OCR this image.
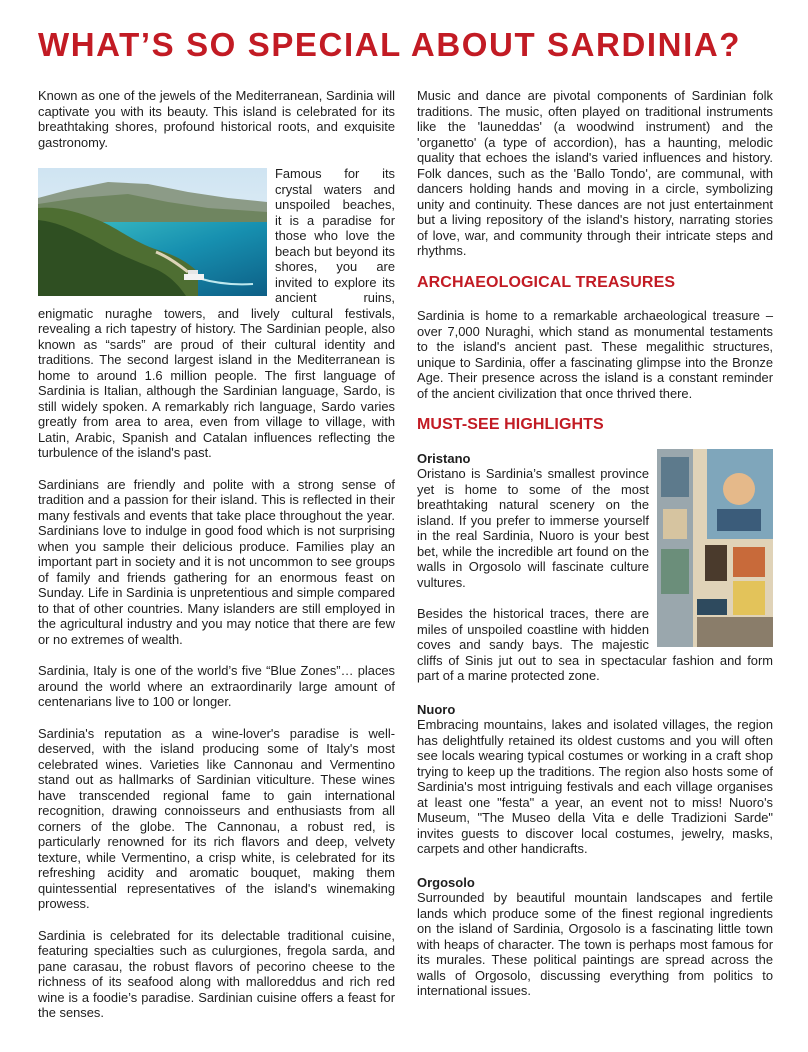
WHAT’S SO SPECIAL ABOUT SARDINIA?

Known as one of the jewels of the Mediterranean, Sardinia will captivate you with its beauty. This island is celebrated for its breathtaking shores, profound historical roots, and exquisite gastronomy.

Famous for its crystal waters and unspoiled beaches, it is a paradise for those who love the beach but beyond its shores, you are invited to explore its ancient ruins, enigmatic nuraghe towers, and lively cultural festivals, revealing a rich tapestry of history. The Sardinian people, also known as “sards” are proud of their cultural identity and traditions. The second largest island in the Mediterranean is home to around 1.6 million people. The first language of Sardinia is Italian, although the Sardinian language, Sardo, is still widely spoken. A remarkably rich language, Sardo varies greatly from area to area, even from village to village, with Latin, Arabic, Spanish and Catalan influences reflecting the turbulence of the island's past.

Sardinians are friendly and polite with a strong sense of tradition and a passion for their island. This is reflected in their many festivals and events that take place throughout the year. Sardinians love to indulge in good food which is not surprising when you sample their delicious produce. Families play an important part in society and it is not uncommon to see groups of family and friends gathering for an enormous feast on Sunday. Life in Sardinia is unpretentious and simple compared to that of other countries. Many islanders are still employed in the agricultural industry and you may notice that there are few or no extremes of wealth.

Sardinia, Italy is one of the world’s five “Blue Zones”… places around the world where an extraordinarily large amount of centenarians live to 100 or longer.

Sardinia's reputation as a wine-lover's paradise is well-deserved, with the island producing some of Italy's most celebrated wines. Varieties like Cannonau and Vermentino stand out as hallmarks of Sardinian viticulture. These wines have transcended regional fame to gain international recognition, drawing connoisseurs and enthusiasts from all corners of the globe. The Cannonau, a robust red, is particularly renowned for its rich flavors and deep, velvety texture, while Vermentino, a crisp white, is celebrated for its refreshing acidity and aromatic bouquet, making them quintessential representatives of the island's winemaking prowess.

Sardinia is celebrated for its delectable traditional cuisine, featuring specialties such as culurgiones, fregola sarda, and pane carasau, the robust flavors of pecorino cheese to the richness of its seafood along with malloreddus and rich red wine is a foodie’s paradise. Sardinian cuisine offers a feast for the senses.

Music and dance are pivotal components of Sardinian folk traditions. The music, often played on traditional instruments like the 'launeddas' (a woodwind instrument) and the 'organetto' (a type of accordion), has a haunting, melodic quality that echoes the island's varied influences and history. Folk dances, such as the 'Ballo Tondo', are communal, with dancers holding hands and moving in a circle, symbolizing unity and continuity. These dances are not just entertainment but a living repository of the island's history, narrating stories of love, war, and community through their intricate steps and rhythms.

ARCHAEOLOGICAL TREASURES

Sardinia is home to a remarkable archaeological treasure – over 7,000 Nuraghi, which stand as monumental testaments to the island's ancient past. These megalithic structures, unique to Sardinia, offer a fascinating glimpse into the Bronze Age. Their presence across the island is a constant reminder of the ancient civilization that once thrived there.

MUST-SEE HIGHLIGHTS
Oristano

Oristano is Sardinia’s smallest province yet is home to some of the most breathtaking natural scenery on the island. If you prefer to immerse yourself in the real Sardinia, Nuoro is your best bet, while the incredible art found on the walls in Orgosolo will fascinate culture vultures.

Besides the historical traces, there are miles of unspoiled coastline with hidden coves and sandy bays. The majestic cliffs of Sinis jut out to sea in spectacular fashion and form part of a marine protected zone.

Nuoro

Embracing mountains, lakes and isolated villages, the region has delightfully retained its oldest customs and you will often see locals wearing typical costumes or working in a craft shop trying to keep up the traditions. The region also hosts some of Sardinia's most intriguing festivals and each village organises at least one "festa" a year, an event not to miss! Nuoro's Museum, "The Museo della Vita e delle Tradizioni Sarde" invites guests to discover local costumes, jewelry, masks, carpets and other handicrafts.

Orgosolo

Surrounded by beautiful mountain landscapes and fertile lands which produce some of the finest regional ingredients on the island of Sardinia, Orgosolo is a fascinating little town with heaps of character. The town is perhaps most famous for its murales. These political paintings are spread across the walls of Orgosolo, discussing everything from politics to international issues.
